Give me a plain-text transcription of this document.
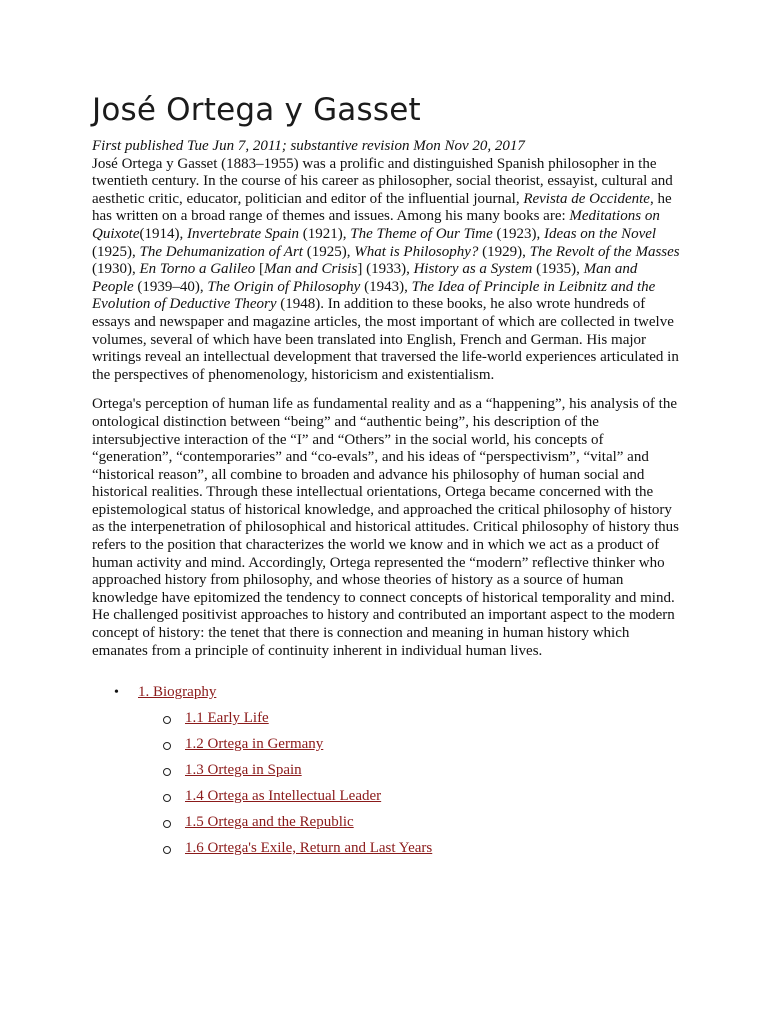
José Ortega y Gasset

First published Tue Jun 7, 2011; substantive revision Mon Nov 20, 2017
José Ortega y Gasset (1883–1955) was a prolific and distinguished Spanish philosopher in the twentieth century. In the course of his career as philosopher, social theorist, essayist, cultural and aesthetic critic, educator, politician and editor of the influential journal, Revista de Occidente, he has written on a broad range of themes and issues. Among his many books are: Meditations on Quixote(1914), Invertebrate Spain (1921), The Theme of Our Time (1923), Ideas on the Novel (1925), The Dehumanization of Art (1925), What is Philosophy? (1929), The Revolt of the Masses (1930), En Torno a Galileo [Man and Crisis] (1933), History as a System (1935), Man and People (1939–40), The Origin of Philosophy (1943), The Idea of Principle in Leibnitz and the Evolution of Deductive Theory (1948). In addition to these books, he also wrote hundreds of essays and newspaper and magazine articles, the most important of which are collected in twelve volumes, several of which have been translated into English, French and German. His major writings reveal an intellectual development that traversed the life-world experiences articulated in the perspectives of phenomenology, historicism and existentialism.

Ortega's perception of human life as fundamental reality and as a “happening”, his analysis of the ontological distinction between “being” and “authentic being”, his description of the intersubjective interaction of the “I” and “Others” in the social world, his concepts of “generation”, “contemporaries” and “co-evals”, and his ideas of “perspectivism”, “vital” and “historical reason”, all combine to broaden and advance his philosophy of human social and historical realities. Through these intellectual orientations, Ortega became concerned with the epistemological status of historical knowledge, and approached the critical philosophy of history as the interpenetration of philosophical and historical attitudes. Critical philosophy of history thus refers to the position that characterizes the world we know and in which we act as a product of human activity and mind. Accordingly, Ortega represented the “modern” reflective thinker who approached history from philosophy, and whose theories of history as a source of human knowledge have epitomized the tendency to connect concepts of historical temporality and mind. He challenged positivist approaches to history and contributed an important aspect to the modern concept of history: the tenet that there is connection and meaning in human history which emanates from a principle of continuity inherent in individual human lives.

• 1. Biography
1.1 Early Life
1.2 Ortega in Germany
1.3 Ortega in Spain
1.4 Ortega as Intellectual Leader
1.5 Ortega and the Republic
1.6 Ortega's Exile, Return and Last Years
